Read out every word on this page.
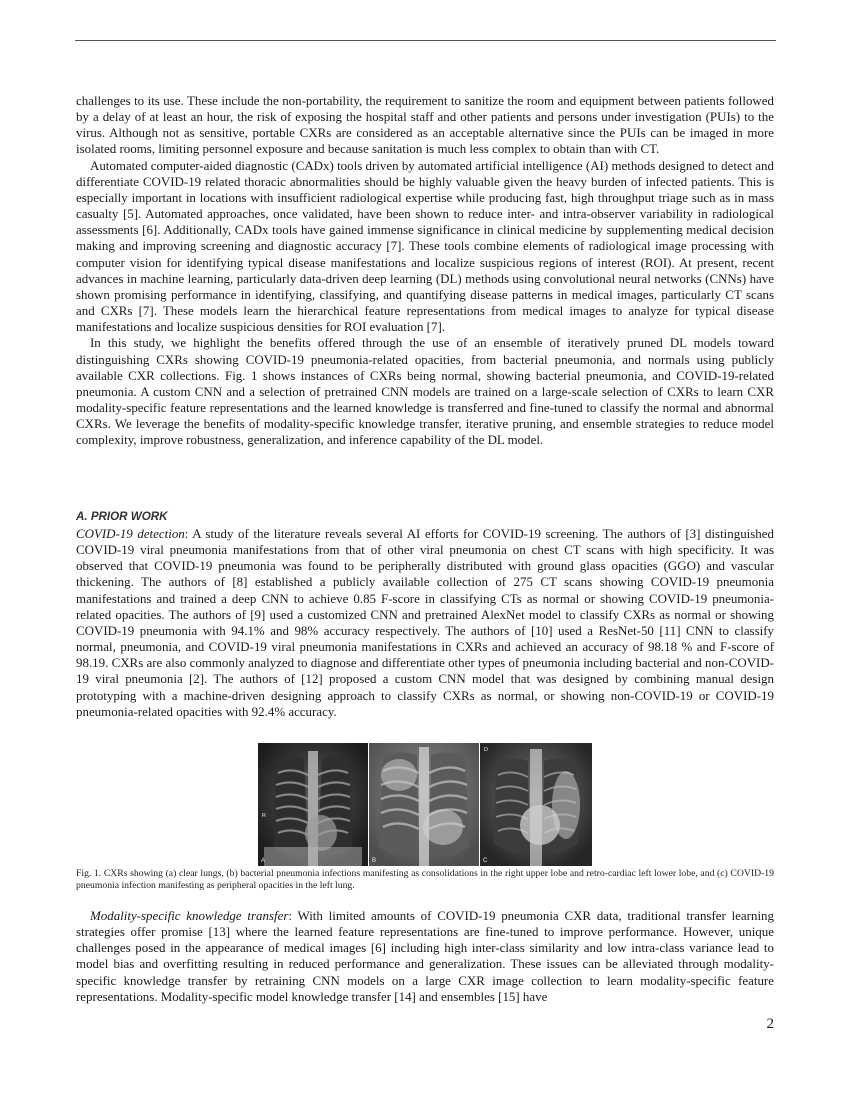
challenges to its use. These include the non-portability, the requirement to sanitize the room and equipment between patients followed by a delay of at least an hour, the risk of exposing the hospital staff and other patients and persons under investigation (PUIs) to the virus. Although not as sensitive, portable CXRs are considered as an acceptable alternative since the PUIs can be imaged in more isolated rooms, limiting personnel exposure and because sanitation is much less complex to obtain than with CT.

Automated computer-aided diagnostic (CADx) tools driven by automated artificial intelligence (AI) methods designed to detect and differentiate COVID-19 related thoracic abnormalities should be highly valuable given the heavy burden of infected patients. This is especially important in locations with insufficient radiological expertise while producing fast, high throughput triage such as in mass casualty [5]. Automated approaches, once validated, have been shown to reduce inter- and intra-observer variability in radiological assessments [6]. Additionally, CADx tools have gained immense significance in clinical medicine by supplementing medical decision making and improving screening and diagnostic accuracy [7]. These tools combine elements of radiological image processing with computer vision for identifying typical disease manifestations and localize suspicious regions of interest (ROI). At present, recent advances in machine learning, particularly data-driven deep learning (DL) methods using convolutional neural networks (CNNs) have shown promising performance in identifying, classifying, and quantifying disease patterns in medical images, particularly CT scans and CXRs [7]. These models learn the hierarchical feature representations from medical images to analyze for typical disease manifestations and localize suspicious densities for ROI evaluation [7].

In this study, we highlight the benefits offered through the use of an ensemble of iteratively pruned DL models toward distinguishing CXRs showing COVID-19 pneumonia-related opacities, from bacterial pneumonia, and normals using publicly available CXR collections. Fig. 1 shows instances of CXRs being normal, showing bacterial pneumonia, and COVID-19-related pneumonia. A custom CNN and a selection of pretrained CNN models are trained on a large-scale selection of CXRs to learn CXR modality-specific feature representations and the learned knowledge is transferred and fine-tuned to classify the normal and abnormal CXRs. We leverage the benefits of modality-specific knowledge transfer, iterative pruning, and ensemble strategies to reduce model complexity, improve robustness, generalization, and inference capability of the DL model.

A. PRIOR WORK

COVID-19 detection: A study of the literature reveals several AI efforts for COVID-19 screening. The authors of [3] distinguished COVID-19 viral pneumonia manifestations from that of other viral pneumonia on chest CT scans with high specificity. It was observed that COVID-19 pneumonia was found to be peripherally distributed with ground glass opacities (GGO) and vascular thickening. The authors of [8] established a publicly available collection of 275 CT scans showing COVID-19 pneumonia manifestations and trained a deep CNN to achieve 0.85 F-score in classifying CTs as normal or showing COVID-19 pneumonia-related opacities. The authors of [9] used a customized CNN and pretrained AlexNet model to classify CXRs as normal or showing COVID-19 pneumonia with 94.1% and 98% accuracy respectively. The authors of [10] used a ResNet-50 [11] CNN to classify normal, pneumonia, and COVID-19 viral pneumonia manifestations in CXRs and achieved an accuracy of 98.18 % and F-score of 98.19. CXRs are also commonly analyzed to diagnose and differentiate other types of pneumonia including bacterial and non-COVID-19 viral pneumonia [2]. The authors of [12] proposed a custom CNN model that was designed by combining manual design prototyping with a machine-driven designing approach to classify CXRs as normal, or showing non-COVID-19 or COVID-19 pneumonia-related opacities with 92.4% accuracy.

R
A	B
D
C
Fig. 1. CXRs showing (a) clear lungs, (b) bacterial pneumonia infections manifesting as consolidations in the right upper lobe and retro-cardiac left lower lobe, and (c) COVID-19 pneumonia infection manifesting as peripheral opacities in the left lung.

Modality-specific knowledge transfer: With limited amounts of COVID-19 pneumonia CXR data, traditional transfer learning strategies offer promise [13] where the learned feature representations are fine-tuned to improve performance. However, unique challenges posed in the appearance of medical images [6] including high inter-class similarity and low intra-class variance lead to model bias and overfitting resulting in reduced performance and generalization. These issues can be alleviated through modality-specific knowledge transfer by retraining CNN models on a large CXR image collection to learn modality-specific feature representations. Modality-specific model knowledge transfer [14] and ensembles [15] have

2
